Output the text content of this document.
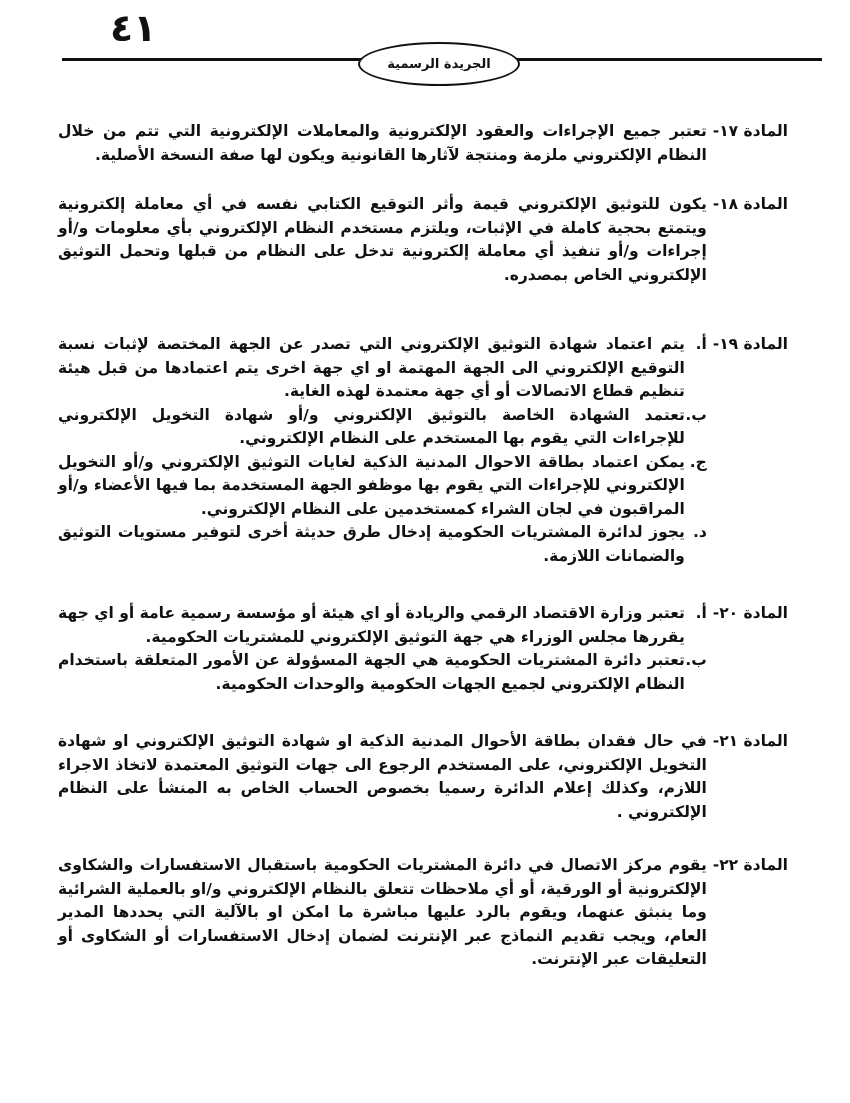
٤١
الجريدة الرسمية
المادة ١٧-

تعتبر جميع الإجراءات والعقود الإلكترونية والمعاملات الإلكترونية التي تتم من خلال النظام الإلكتروني ملزمة ومنتجة لآثارها القانونية ويكون لها صفة النسخة الأصلية.

المادة ١٨-

يكون للتوثيق الإلكتروني قيمة وأثر التوقيع الكتابي نفسه في أي معاملة إلكترونية ويتمتع بحجية كاملة في الإثبات، ويلتزم مستخدم النظام الإلكتروني بأي معلومات و/أو إجراءات و/أو تنفيذ أي معاملة إلكترونية تدخل على النظام من قبلها وتحمل التوثيق الإلكتروني الخاص بمصدره.

المادة ١٩-
أ.
يتم اعتماد شهادة التوثيق الإلكتروني التي تصدر عن الجهة المختصة لإثبات نسبة التوقيع الإلكتروني الى الجهة المهتمة او اي جهة اخرى يتم اعتمادها من قبل هيئة تنظيم قطاع الاتصالات أو أي جهة معتمدة لهذه الغاية.
ب.
تعتمد الشهادة الخاصة بالتوثيق الإلكتروني و/أو شهادة التخويل الإلكتروني للإجراءات التي يقوم بها المستخدم على النظام الإلكتروني.
ج.
يمكن اعتماد بطاقة الاحوال المدنية الذكية لغايات التوثيق الإلكتروني و/أو التخويل الإلكتروني للإجراءات التي يقوم بها موظفو الجهة المستخدمة بما فيها الأعضاء و/أو المراقبون في لجان الشراء كمستخدمين على النظام الإلكتروني.
د.
يجوز لدائرة المشتريات الحكومية إدخال طرق حديثة أخرى لتوفير مستويات التوثيق والضمانات اللازمة.
المادة ٢٠-
أ.
تعتبر وزارة الاقتصاد الرقمي والريادة أو اي هيئة أو مؤسسة رسمية عامة أو اي جهة يقررها مجلس الوزراء هي جهة التوثيق الإلكتروني للمشتريات الحكومية.
ب.
تعتبر دائرة المشتريات الحكومية هي الجهة المسؤولة عن الأمور المتعلقة باستخدام النظام الإلكتروني لجميع الجهات الحكومية والوحدات الحكومية.
المادة ٢١-

في حال فقدان بطاقة الأحوال المدنية الذكية او شهادة التوثيق الإلكتروني او شهادة التخويل الإلكتروني، على المستخدم الرجوع الى جهات التوثيق المعتمدة لاتخاذ الاجراء اللازم، وكذلك إعلام الدائرة رسميا بخصوص الحساب الخاص به المنشأ على النظام الإلكتروني .

المادة ٢٢-

يقوم مركز الاتصال في دائرة المشتريات الحكومية باستقبال الاستفسارات والشكاوى الإلكترونية أو الورقية، أو أي ملاحظات تتعلق بالنظام الإلكتروني و/او بالعملية الشرائية وما ينبثق عنهما، ويقوم بالرد عليها مباشرة ما امكن او بالآلية التي يحددها المدير العام، ويجب تقديم النماذج عبر الإنترنت لضمان إدخال الاستفسارات أو الشكاوى أو التعليقات عبر الإنترنت.
